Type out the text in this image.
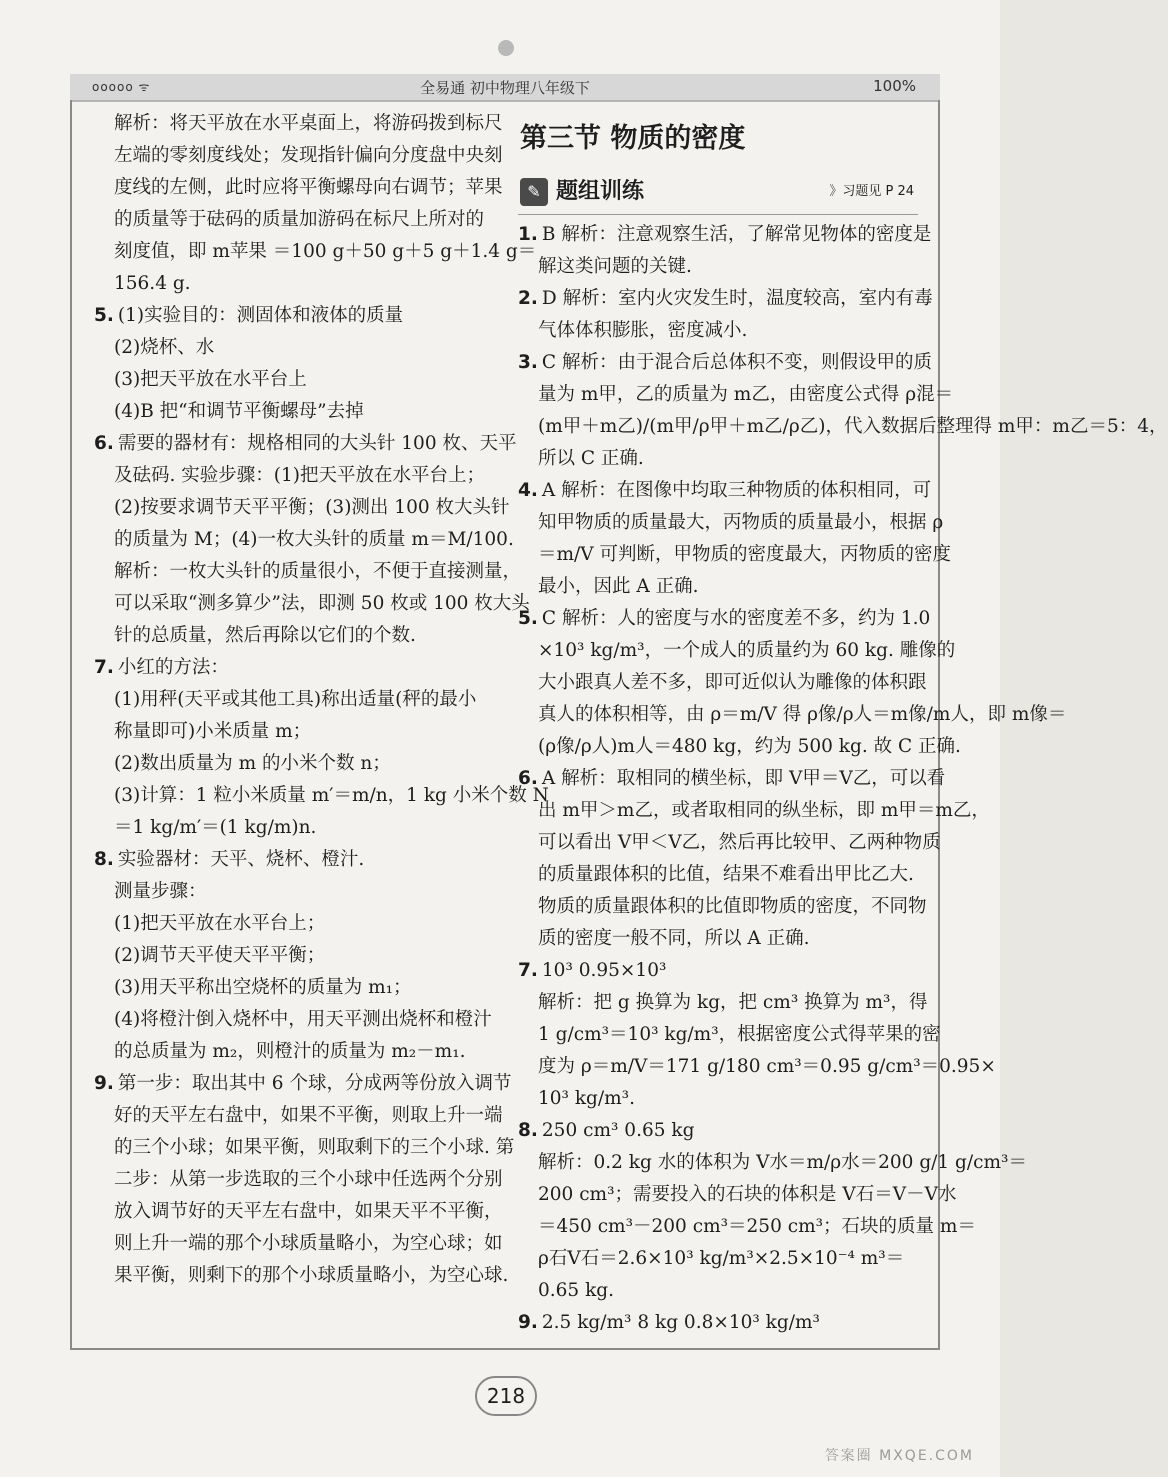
ooooo ᯤ	全易通 初中物理八年级下	100%

解析：将天平放在水平桌面上，将游码拨到标尺

左端的零刻度线处；发现指针偏向分度盘中央刻

度线的左侧，此时应将平衡螺母向右调节；苹果

的质量等于砝码的质量加游码在标尺上所对的

刻度值，即 m苹果 ＝100 g＋50 g＋5 g＋1.4 g＝

156.4 g.

5. (1)实验目的：测固体和液体的质量

(2)烧杯、水

(3)把天平放在水平台上

(4)B 把“和调节平衡螺母”去掉

6. 需要的器材有：规格相同的大头针 100 枚、天平

及砝码. 实验步骤：(1)把天平放在水平台上；

(2)按要求调节天平平衡；(3)测出 100 枚大头针

的质量为 M；(4)一枚大头针的质量 m＝M/100.

解析：一枚大头针的质量很小，不便于直接测量，

可以采取“测多算少”法，即测 50 枚或 100 枚大头

针的总质量，然后再除以它们的个数.

7. 小红的方法：

(1)用秤(天平或其他工具)称出适量(秤的最小

称量即可)小米质量 m；

(2)数出质量为 m 的小米个数 n；

(3)计算：1 粒小米质量 m′＝m/n，1 kg 小米个数 N

＝1 kg/m′＝(1 kg/m)n.

8. 实验器材：天平、烧杯、橙汁.

测量步骤：

(1)把天平放在水平台上；

(2)调节天平使天平平衡；

(3)用天平称出空烧杯的质量为 m₁；

(4)将橙汁倒入烧杯中，用天平测出烧杯和橙汁

的总质量为 m₂，则橙汁的质量为 m₂－m₁.

9. 第一步：取出其中 6 个球，分成两等份放入调节

好的天平左右盘中，如果不平衡，则取上升一端

的三个小球；如果平衡，则取剩下的三个小球. 第

二步：从第一步选取的三个小球中任选两个分别

放入调节好的天平左右盘中，如果天平不平衡，

则上升一端的那个小球质量略小，为空心球；如

果平衡，则剩下的那个小球质量略小，为空心球.

第三节 物质的密度

✎ 题组训练	》习题见 P 24

1. B 解析：注意观察生活，了解常见物体的密度是

解这类问题的关键.

2. D 解析：室内火灾发生时，温度较高，室内有毒

气体体积膨胀，密度减小.

3. C 解析：由于混合后总体积不变，则假设甲的质

量为 m甲，乙的质量为 m乙，由密度公式得 ρ混＝

(m甲＋m乙)/(m甲/ρ甲＋m乙/ρ乙)，代入数据后整理得 m甲：m乙＝5：4，

所以 C 正确.

4. A 解析：在图像中均取三种物质的体积相同，可

知甲物质的质量最大，丙物质的质量最小，根据 ρ

＝m/V 可判断，甲物质的密度最大，丙物质的密度

最小，因此 A 正确.

5. C 解析：人的密度与水的密度差不多，约为 1.0

×10³ kg/m³，一个成人的质量约为 60 kg. 雕像的

大小跟真人差不多，即可近似认为雕像的体积跟

真人的体积相等，由 ρ＝m/V 得 ρ像/ρ人＝m像/m人，即 m像＝

(ρ像/ρ人)m人＝480 kg，约为 500 kg. 故 C 正确.

6. A 解析：取相同的横坐标，即 V甲＝V乙，可以看

出 m甲＞m乙，或者取相同的纵坐标，即 m甲＝m乙，

可以看出 V甲＜V乙，然后再比较甲、乙两种物质

的质量跟体积的比值，结果不难看出甲比乙大.

物质的质量跟体积的比值即物质的密度，不同物

质的密度一般不同，所以 A 正确.

7. 10³ 0.95×10³

解析：把 g 换算为 kg，把 cm³ 换算为 m³，得

1 g/cm³＝10³ kg/m³，根据密度公式得苹果的密

度为 ρ＝m/V＝171 g/180 cm³＝0.95 g/cm³＝0.95×

10³ kg/m³.

8. 250 cm³ 0.65 kg

解析：0.2 kg 水的体积为 V水＝m/ρ水＝200 g/1 g/cm³＝

200 cm³；需要投入的石块的体积是 V石＝V－V水

＝450 cm³－200 cm³＝250 cm³；石块的质量 m＝

ρ石V石＝2.6×10³ kg/m³×2.5×10⁻⁴ m³＝

0.65 kg.

9. 2.5 kg/m³ 8 kg 0.8×10³ kg/m³

218
答案圈 MXQE.COM
